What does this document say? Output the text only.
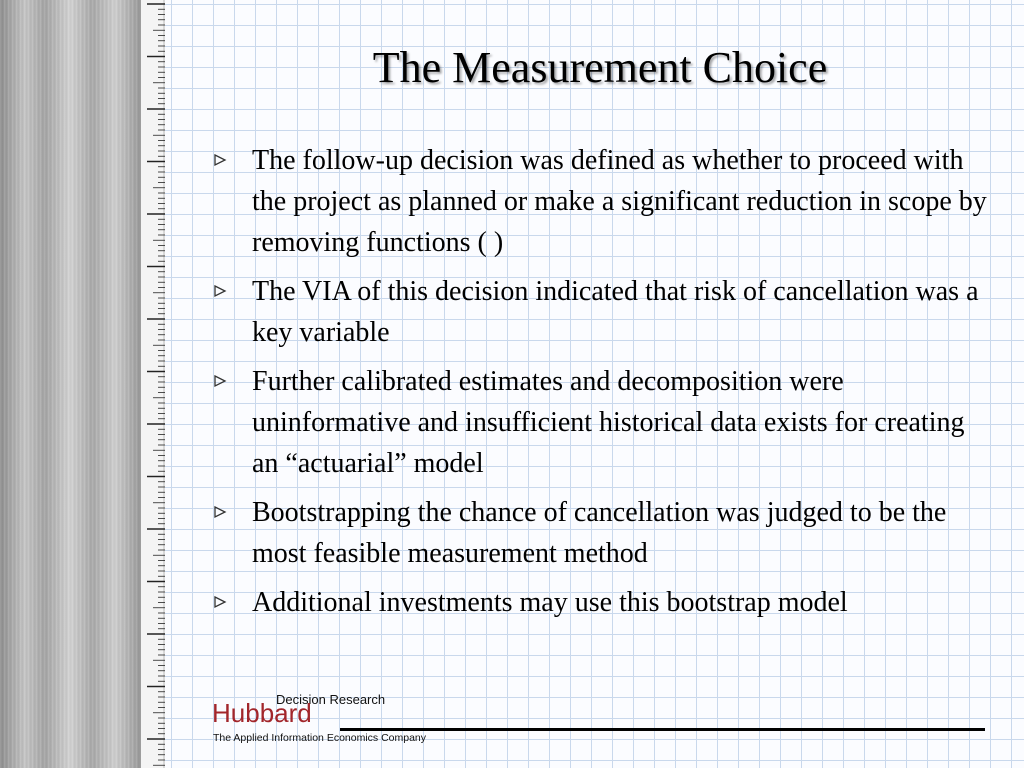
The Measurement Choice
The follow-up decision was defined as whether to proceed with the project as planned or make a significant reduction in scope by removing functions ( )
The VIA of this decision indicated that risk of cancellation was a key variable
Further calibrated estimates and decomposition were uninformative and insufficient historical data exists for creating an “actuarial” model
Bootstrapping the chance of cancellation was judged to be the most feasible measurement method
Additional investments may use this bootstrap model
Decision Research
Hubbard
The Applied Information Economics Company
